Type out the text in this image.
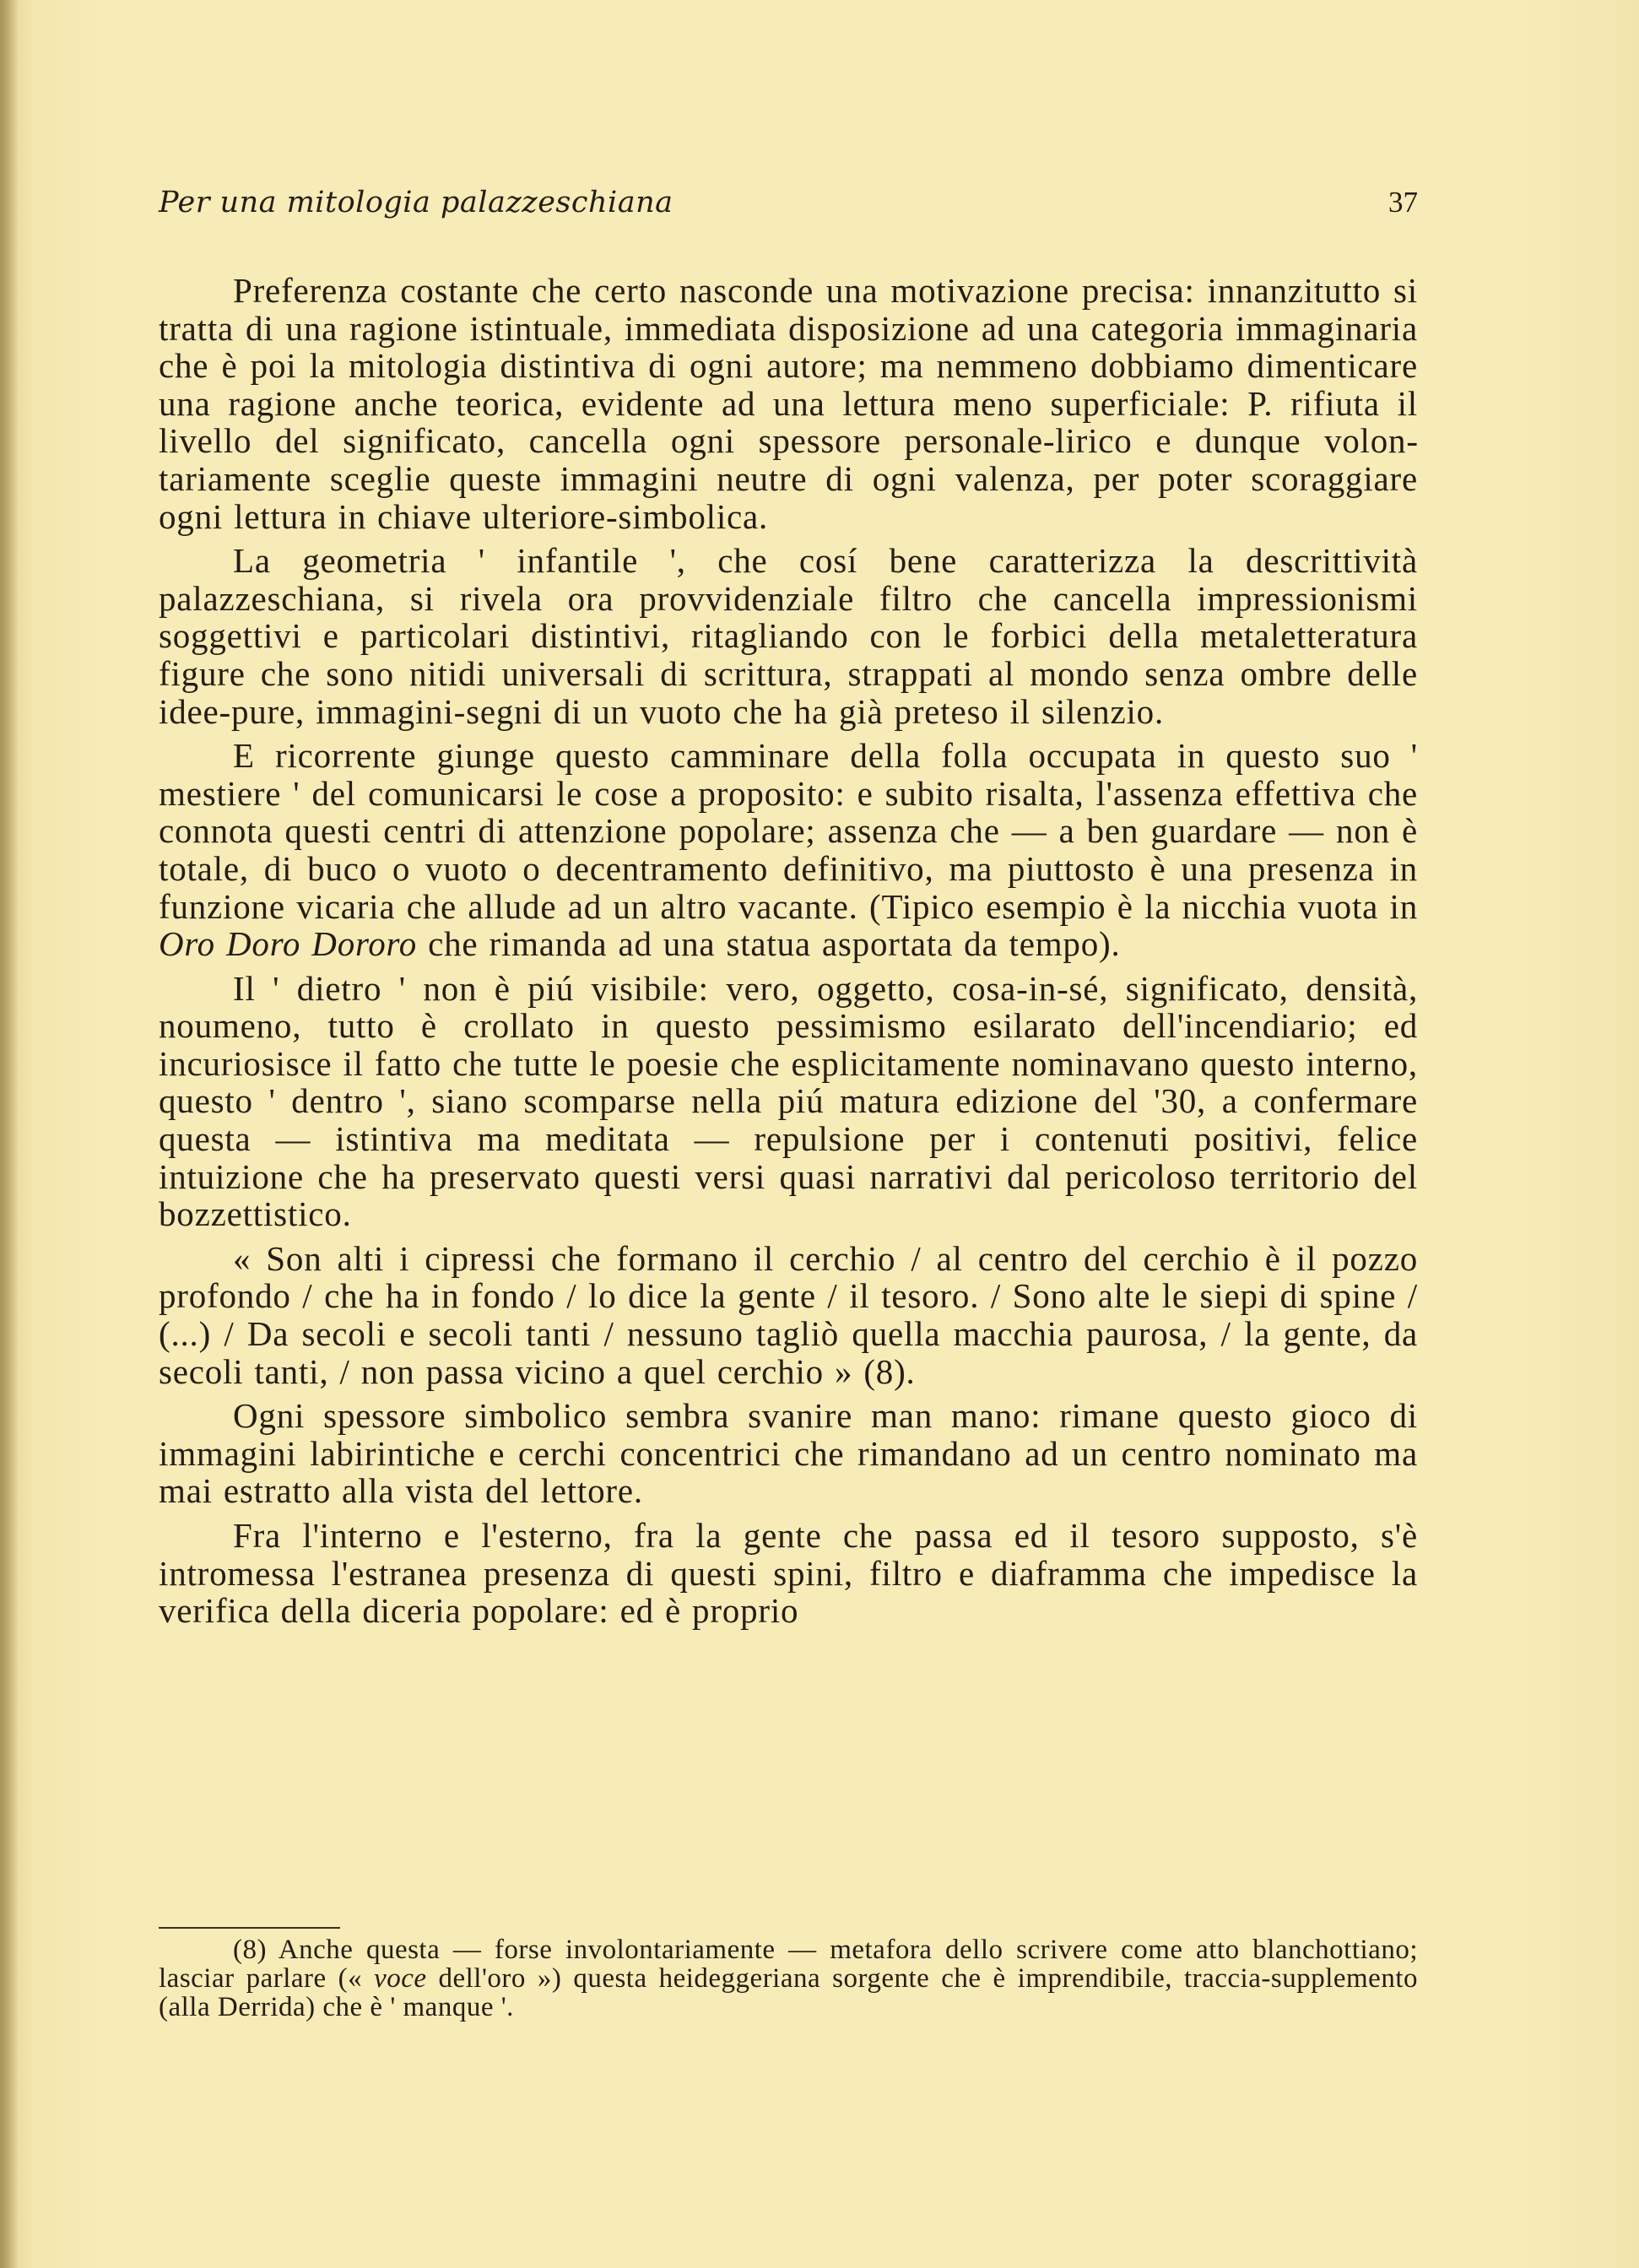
Per una mitologia palazzeschiana	37

Preferenza costante che certo nasconde una motivazione precisa: innanzitutto si tratta di una ragione istintuale, immediata disposizione ad una categoria immaginaria che è poi la mitologia distintiva di ogni autore; ma nemmeno dobbiamo dimenticare una ragione anche teorica, evidente ad una lettura meno superficiale: P. rifiuta il livello del significato, cancella ogni spessore personale-lirico e dunque volontariamente sceglie queste immagini neutre di ogni valenza, per poter scoraggiare ogni lettura in chiave ulteriore-simbolica.

La geometria ' infantile ', che cosí bene caratterizza la descrittività palazzeschiana, si rivela ora provvidenziale filtro che cancella impressionismi soggettivi e particolari distintivi, ritagliando con le forbici della metaletteratura figure che sono nitidi universali di scrittura, strappati al mondo senza ombre delle idee-pure, immagini-segni di un vuoto che ha già preteso il silenzio.

E ricorrente giunge questo camminare della folla occupata in questo suo ' mestiere ' del comunicarsi le cose a proposito: e subito risalta, l'assenza effettiva che connota questi centri di attenzione popolare; assenza che — a ben guardare — non è totale, di buco o vuoto o decentramento definitivo, ma piuttosto è una presenza in funzione vicaria che allude ad un altro vacante. (Tipico esempio è la nicchia vuota in Oro Doro Dororo che rimanda ad una statua asportata da tempo).

Il ' dietro ' non è piú visibile: vero, oggetto, cosa-in-sé, significato, densità, noumeno, tutto è crollato in questo pessimismo esilarato dell'incendiario; ed incuriosisce il fatto che tutte le poesie che esplicitamente nominavano questo interno, questo ' dentro ', siano scomparse nella piú matura edizione del '30, a confermare questa — istintiva ma meditata — repulsione per i contenuti positivi, felice intuizione che ha preservato questi versi quasi narrativi dal pericoloso territorio del bozzettistico.

« Son alti i cipressi che formano il cerchio / al centro del cerchio è il pozzo profondo / che ha in fondo / lo dice la gente / il tesoro. / Sono alte le siepi di spine / (...) / Da secoli e secoli tanti / nessuno tagliò quella macchia paurosa, / la gente, da secoli tanti, / non passa vicino a quel cerchio » (8).

Ogni spessore simbolico sembra svanire man mano: rimane questo gioco di immagini labirintiche e cerchi concentrici che rimandano ad un centro nominato ma mai estratto alla vista del lettore.

Fra l'interno e l'esterno, fra la gente che passa ed il tesoro supposto, s'è intromessa l'estranea presenza di questi spini, filtro e diaframma che impedisce la verifica della diceria popolare: ed è proprio

(8) Anche questa — forse involontariamente — metafora dello scrivere come atto blanchottiano; lasciar parlare (« voce dell'oro ») questa heideggeriana sorgente che è imprendibile, traccia-supplemento (alla Derrida) che è ' manque '.
